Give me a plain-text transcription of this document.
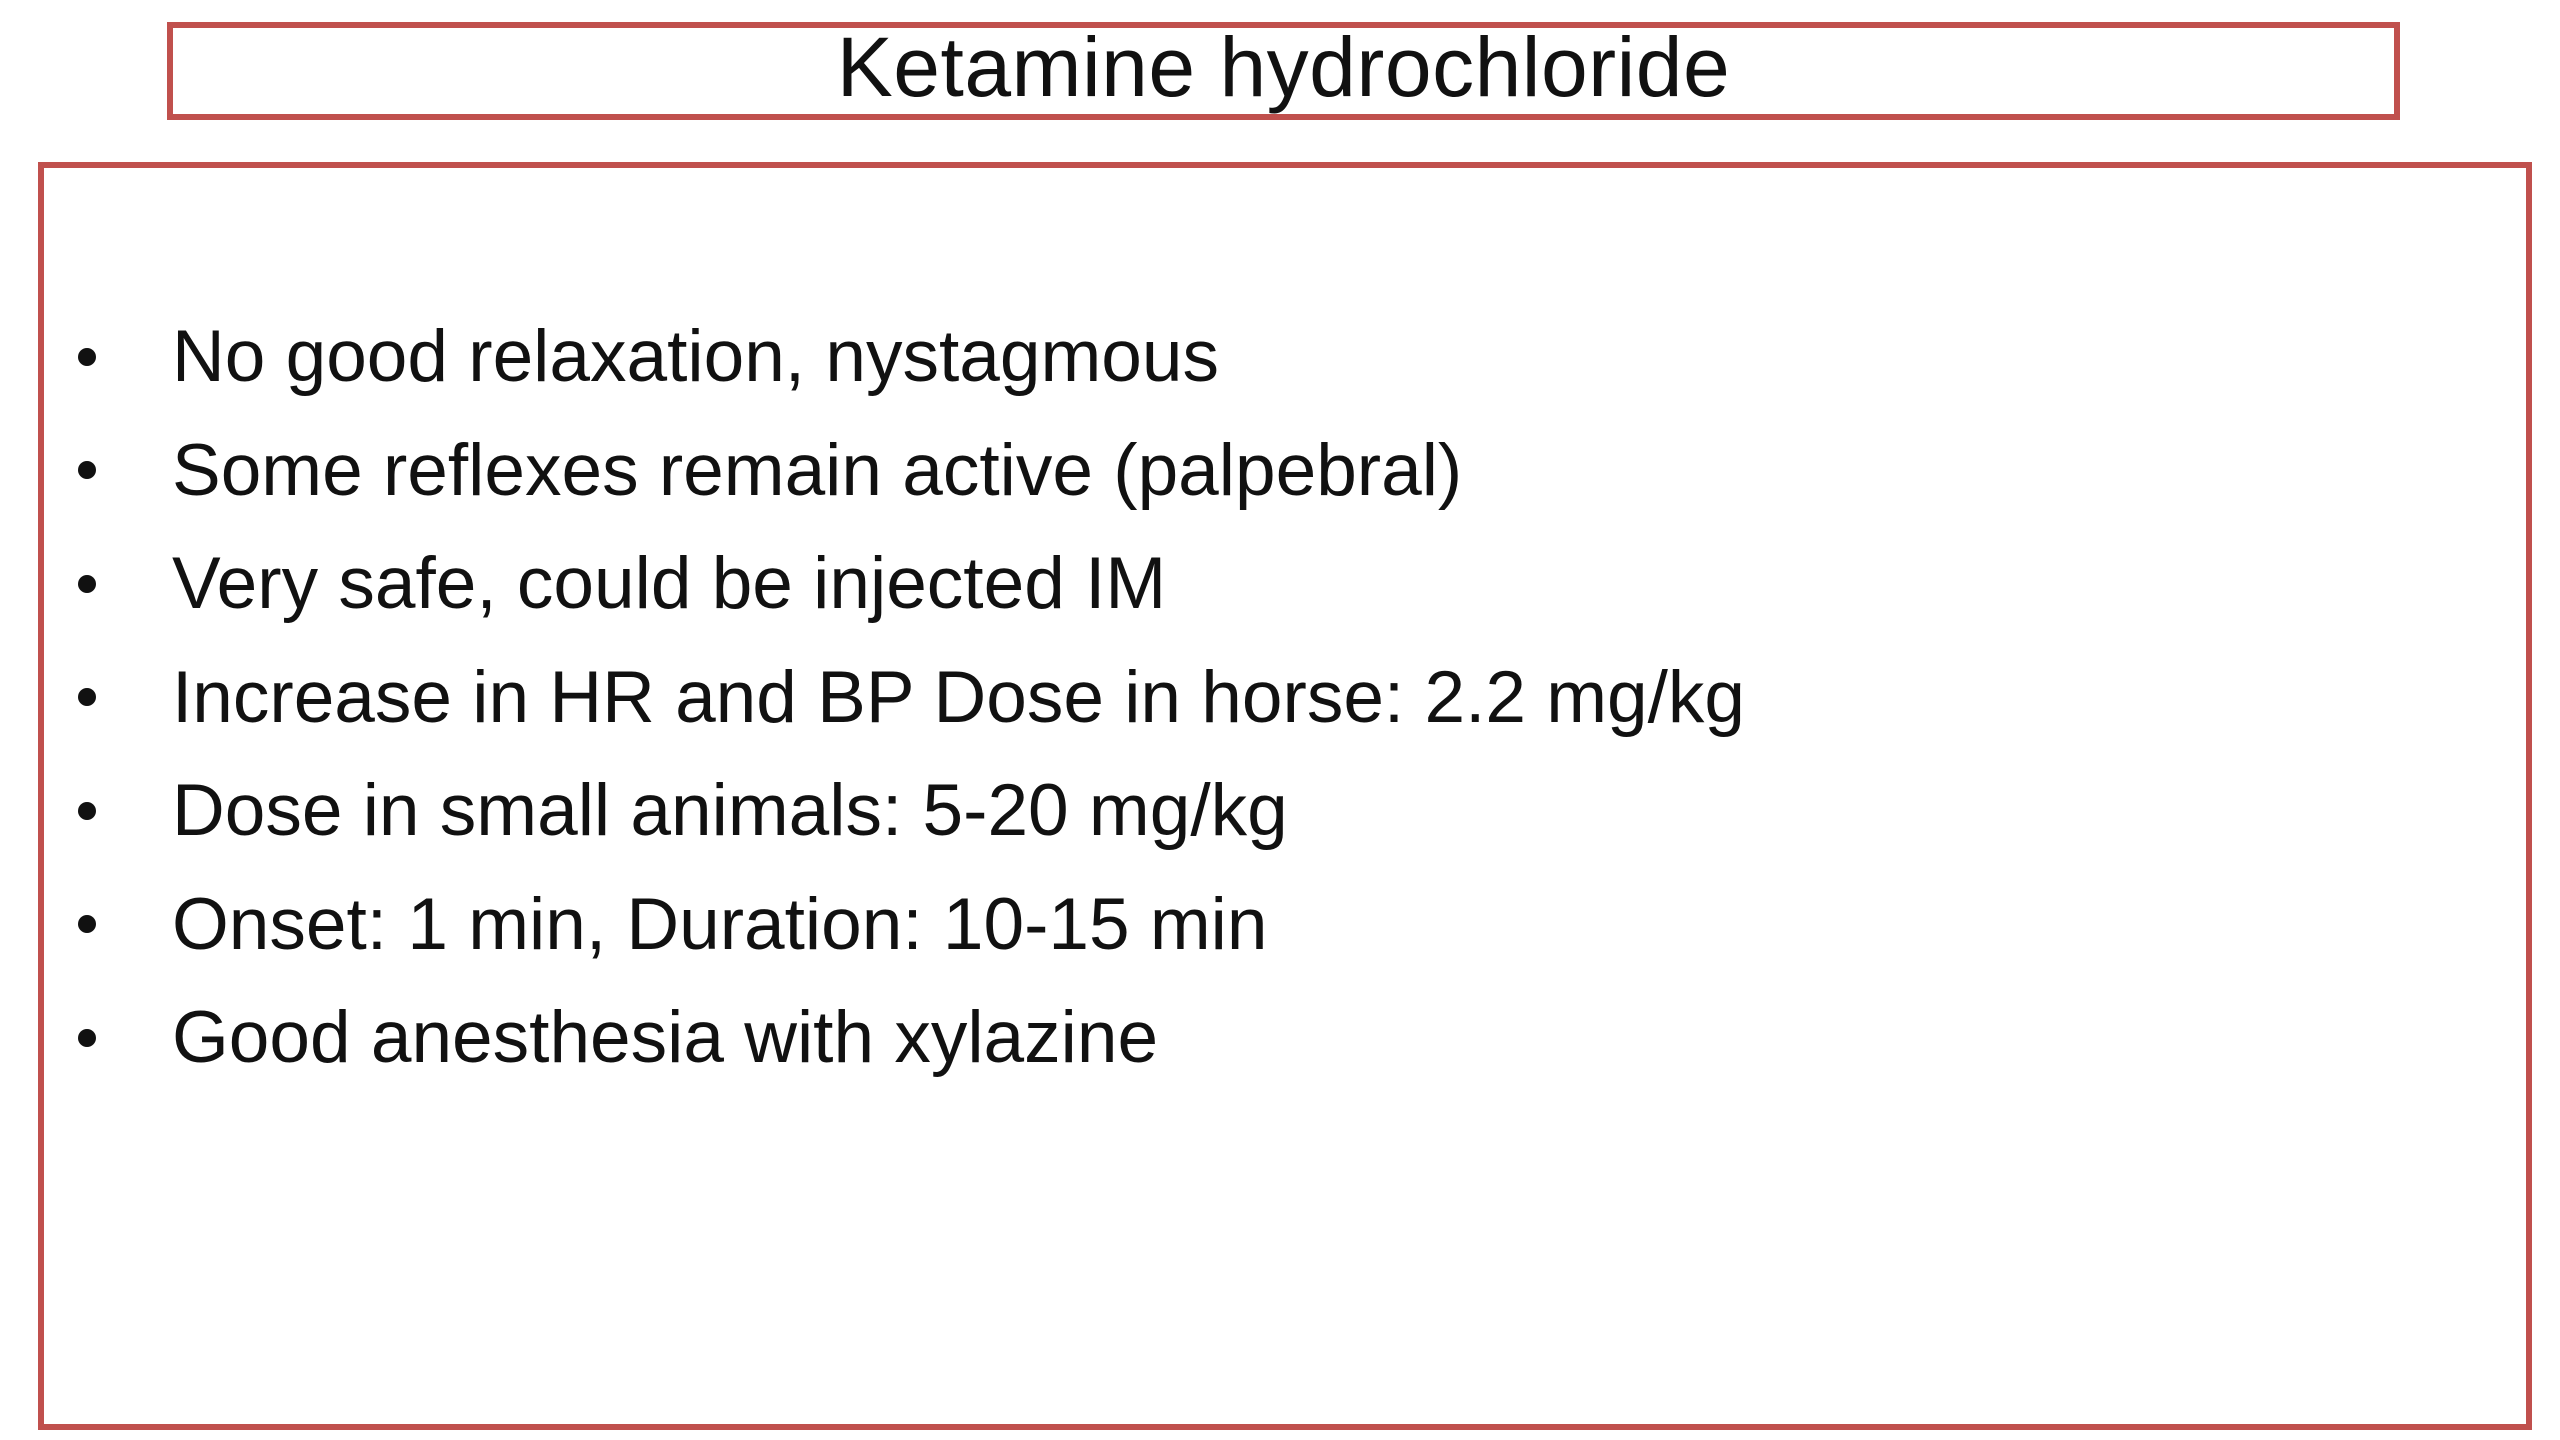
Ketamine hydrochloride
No good relaxation, nystagmous
Some reflexes remain active (palpebral)
Very safe, could be injected IM
Increase in HR and BP Dose in horse: 2.2 mg/kg
Dose in small animals: 5-20 mg/kg
Onset: 1 min, Duration: 10-15 min
Good anesthesia with xylazine
